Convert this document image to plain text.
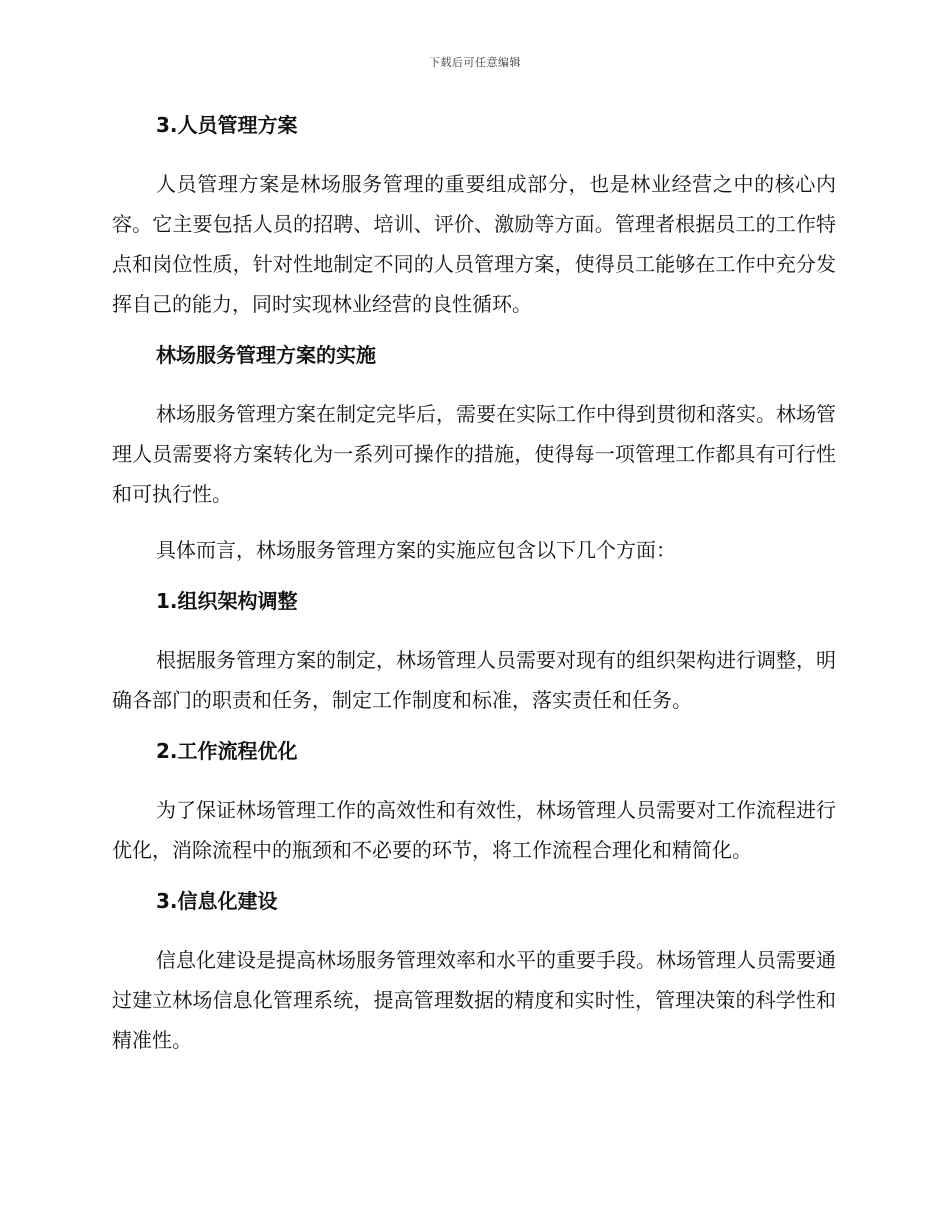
下载后可任意编辑
3.人员管理方案

人员管理方案是林场服务管理的重要组成部分，也是林业经营之中的核心内容。它主要包括人员的招聘、培训、评价、激励等方面。管理者根据员工的工作特点和岗位性质，针对性地制定不同的人员管理方案，使得员工能够在工作中充分发挥自己的能力，同时实现林业经营的良性循环。

林场服务管理方案的实施

林场服务管理方案在制定完毕后，需要在实际工作中得到贯彻和落实。林场管理人员需要将方案转化为一系列可操作的措施，使得每一项管理工作都具有可行性和可执行性。

具体而言，林场服务管理方案的实施应包含以下几个方面：

1.组织架构调整

根据服务管理方案的制定，林场管理人员需要对现有的组织架构进行调整，明确各部门的职责和任务，制定工作制度和标准，落实责任和任务。

2.工作流程优化

为了保证林场管理工作的高效性和有效性，林场管理人员需要对工作流程进行优化，消除流程中的瓶颈和不必要的环节，将工作流程合理化和精简化。

3.信息化建设

信息化建设是提高林场服务管理效率和水平的重要手段。林场管理人员需要通过建立林场信息化管理系统，提高管理数据的精度和实时性，管理决策的科学性和精准性。
